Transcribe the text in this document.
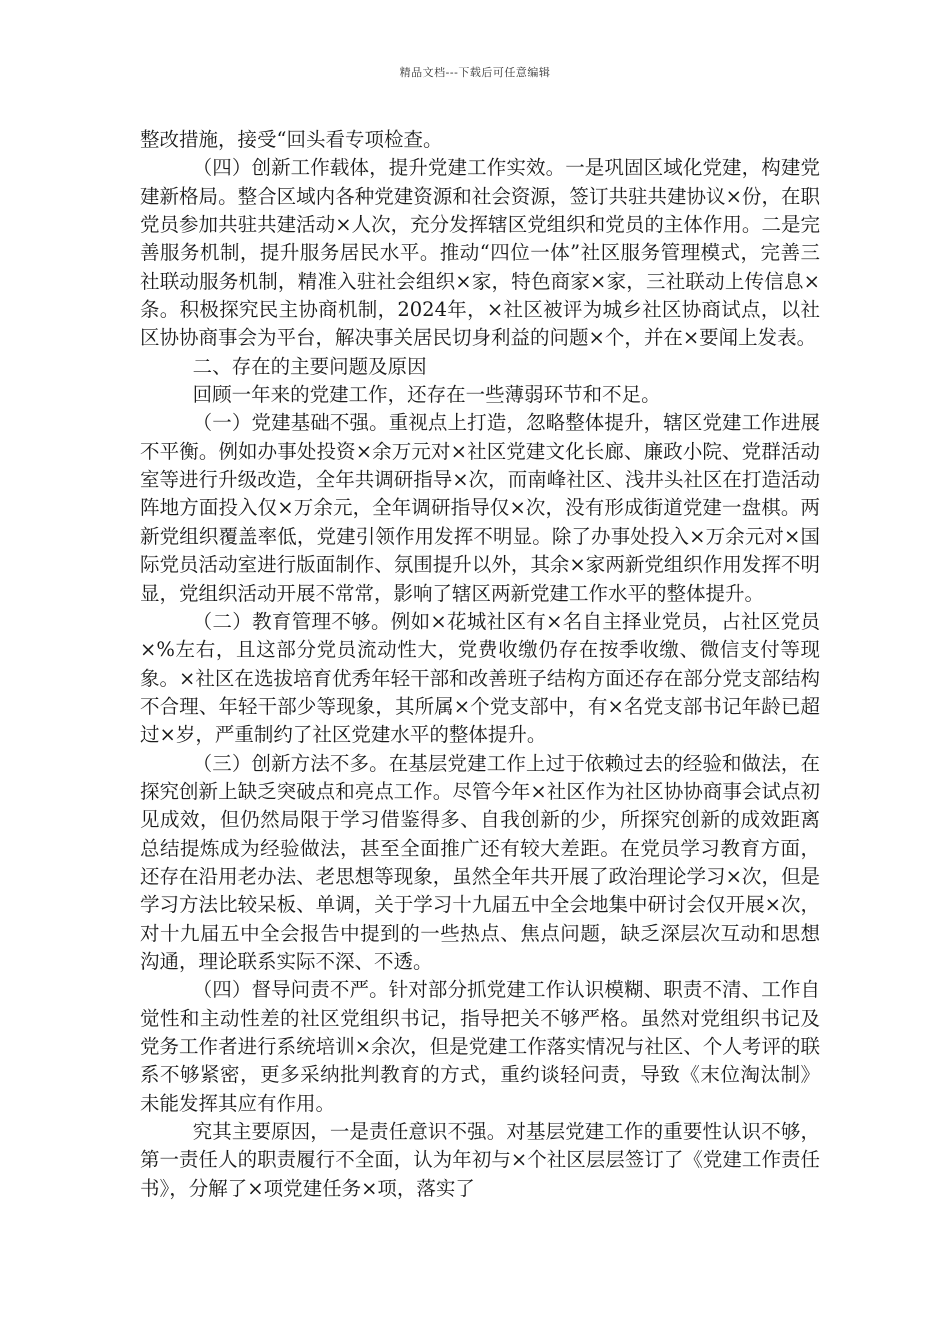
精品文档---下载后可任意编辑

整改措施，接受“回头看专项检查。

（四）创新工作载体，提升党建工作实效。一是巩固区域化党建，构建党建新格局。整合区域内各种党建资源和社会资源，签订共驻共建协议×份，在职党员参加共驻共建活动×人次，充分发挥辖区党组织和党员的主体作用。二是完善服务机制，提升服务居民水平。推动“四位一体”社区服务管理模式，完善三社联动服务机制，精准入驻社会组织×家，特色商家×家，三社联动上传信息×条。积极探究民主协商机制，2024年，×社区被评为城乡社区协商试点，以社区协协商事会为平台，解决事关居民切身利益的问题×个，并在×要闻上发表。

二、存在的主要问题及原因

回顾一年来的党建工作，还存在一些薄弱环节和不足。

（一）党建基础不强。重视点上打造，忽略整体提升，辖区党建工作进展不平衡。例如办事处投资×余万元对×社区党建文化长廊、廉政小院、党群活动室等进行升级改造，全年共调研指导×次，而南峰社区、浅井头社区在打造活动阵地方面投入仅×万余元，全年调研指导仅×次，没有形成街道党建一盘棋。两新党组织覆盖率低，党建引领作用发挥不明显。除了办事处投入×万余元对×国际党员活动室进行版面制作、氛围提升以外，其余×家两新党组织作用发挥不明显，党组织活动开展不常常，影响了辖区两新党建工作水平的整体提升。

（二）教育管理不够。例如×花城社区有×名自主择业党员，占社区党员×%左右，且这部分党员流动性大，党费收缴仍存在按季收缴、微信支付等现象。×社区在选拔培育优秀年轻干部和改善班子结构方面还存在部分党支部结构不合理、年轻干部少等现象，其所属×个党支部中，有×名党支部书记年龄已超过×岁，严重制约了社区党建水平的整体提升。

（三）创新方法不多。在基层党建工作上过于依赖过去的经验和做法，在探究创新上缺乏突破点和亮点工作。尽管今年×社区作为社区协协商事会试点初见成效，但仍然局限于学习借鉴得多、自我创新的少，所探究创新的成效距离总结提炼成为经验做法，甚至全面推广还有较大差距。在党员学习教育方面，还存在沿用老办法、老思想等现象，虽然全年共开展了政治理论学习×次，但是学习方法比较呆板、单调，关于学习十九届五中全会地集中研讨会仅开展×次，对十九届五中全会报告中提到的一些热点、焦点问题，缺乏深层次互动和思想沟通，理论联系实际不深、不透。

（四）督导问责不严。针对部分抓党建工作认识模糊、职责不清、工作自觉性和主动性差的社区党组织书记，指导把关不够严格。虽然对党组织书记及党务工作者进行系统培训×余次，但是党建工作落实情况与社区、个人考评的联系不够紧密，更多采纳批判教育的方式，重约谈轻问责，导致《末位淘汰制》未能发挥其应有作用。

究其主要原因，一是责任意识不强。对基层党建工作的重要性认识不够，第一责任人的职责履行不全面，认为年初与×个社区层层签订了《党建工作责任书》，分解了×项党建任务×项，落实了
